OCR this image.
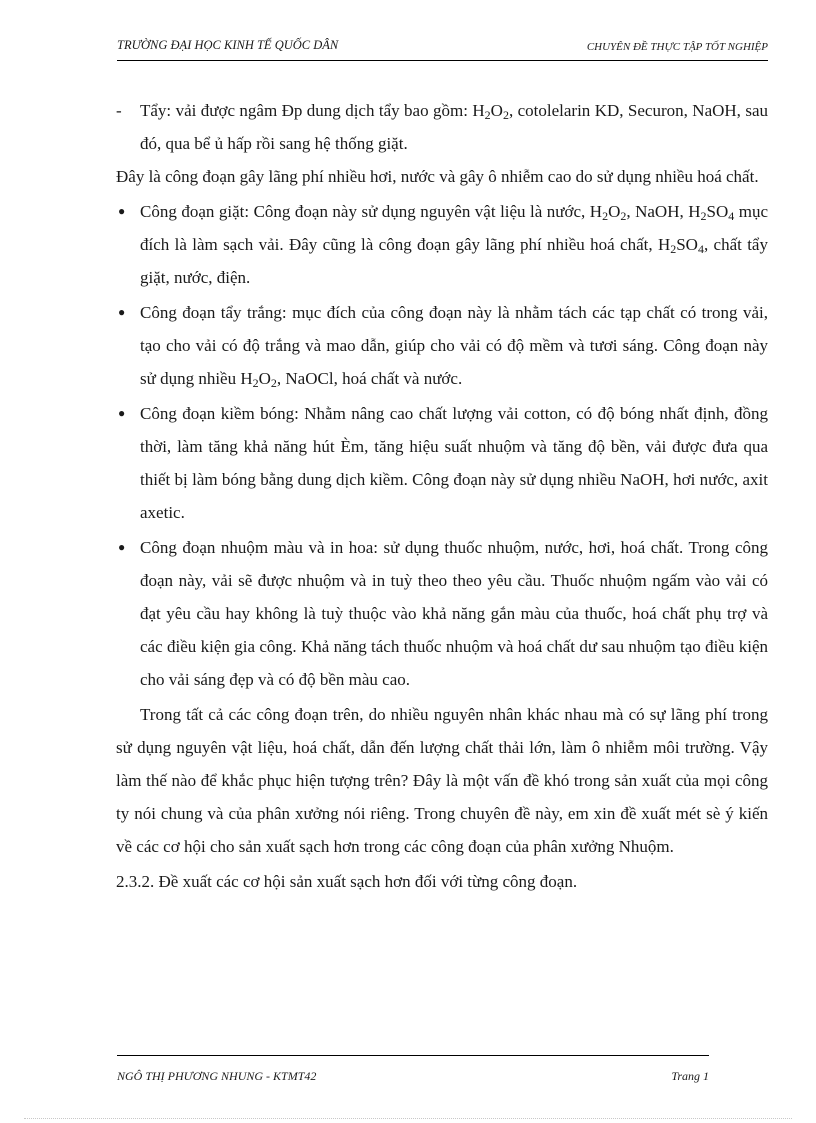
TRƯỜNG ĐẠI HỌC KINH TẾ QUỐC DÂN	CHUYÊN ĐỀ THỰC TẬP TỐT NGHIỆP

- Tẩy: vải được ngâm Đp dung dịch tẩy bao gồm: $H_2O_2$, cotolelarin KD, Securon, NaOH, sau đó, qua bể ủ hấp rồi sang hệ thống giặt.

Đây là công đoạn gây lãng phí nhiều hơi, nước và gây ô nhiễm cao do sử dụng nhiều hoá chất.

● Công đoạn giặt: Công đoạn này sử dụng nguyên vật liệu là nước, $H_2O_2$, NaOH, $H_2SO_4$ mục đích là làm sạch vải. Đây cũng là công đoạn gây lãng phí nhiều hoá chất, $H_2SO_4$, chất tẩy giặt, nước, điện.

● Công đoạn tẩy trắng: mục đích của công đoạn này là nhằm tách các tạp chất có trong vải, tạo cho vải có độ trắng và mao dẫn, giúp cho vải có độ mềm và tươi sáng. Công đoạn này sử dụng nhiều $H_2O_2$, NaOCl, hoá chất và nước.

● Công đoạn kiềm bóng: Nhằm nâng cao chất lượng vải cotton, có độ bóng nhất định, đồng thời, làm tăng khả năng hút Èm, tăng hiệu suất nhuộm và tăng độ bền, vải được đưa qua thiết bị làm bóng bằng dung dịch kiềm. Công đoạn này sử dụng nhiều NaOH, hơi nước, axit axetic.

● Công đoạn nhuộm màu và in hoa: sử dụng thuốc nhuộm, nước, hơi, hoá chất. Trong công đoạn này, vải sẽ được nhuộm và in tuỳ theo theo yêu cầu. Thuốc nhuộm ngấm vào vải có đạt yêu cầu hay không là tuỳ thuộc vào khả năng gắn màu của thuốc, hoá chất phụ trợ và các điều kiện gia công. Khả năng tách thuốc nhuộm và hoá chất dư sau nhuộm tạo điều kiện cho vải sáng đẹp và có độ bền màu cao.

Trong tất cả các công đoạn trên, do nhiều nguyên nhân khác nhau mà có sự lãng phí trong sử dụng nguyên vật liệu, hoá chất, dẫn đến lượng chất thải lớn, làm ô nhiễm môi trường. Vậy làm thế nào để khắc phục hiện tượng trên? Đây là một vấn đề khó trong sản xuất của mọi công ty nói chung và của phân xưởng nói riêng. Trong chuyên đề này, em xin đề xuất mét sè ý kiến về các cơ hội cho sản xuất sạch hơn trong các công đoạn của phân xưởng Nhuộm.

2.3.2. Đề xuất các cơ hội sản xuất sạch hơn đối với từng công đoạn.

NGÔ THỊ PHƯƠNG NHUNG - KTMT42	Trang 1
